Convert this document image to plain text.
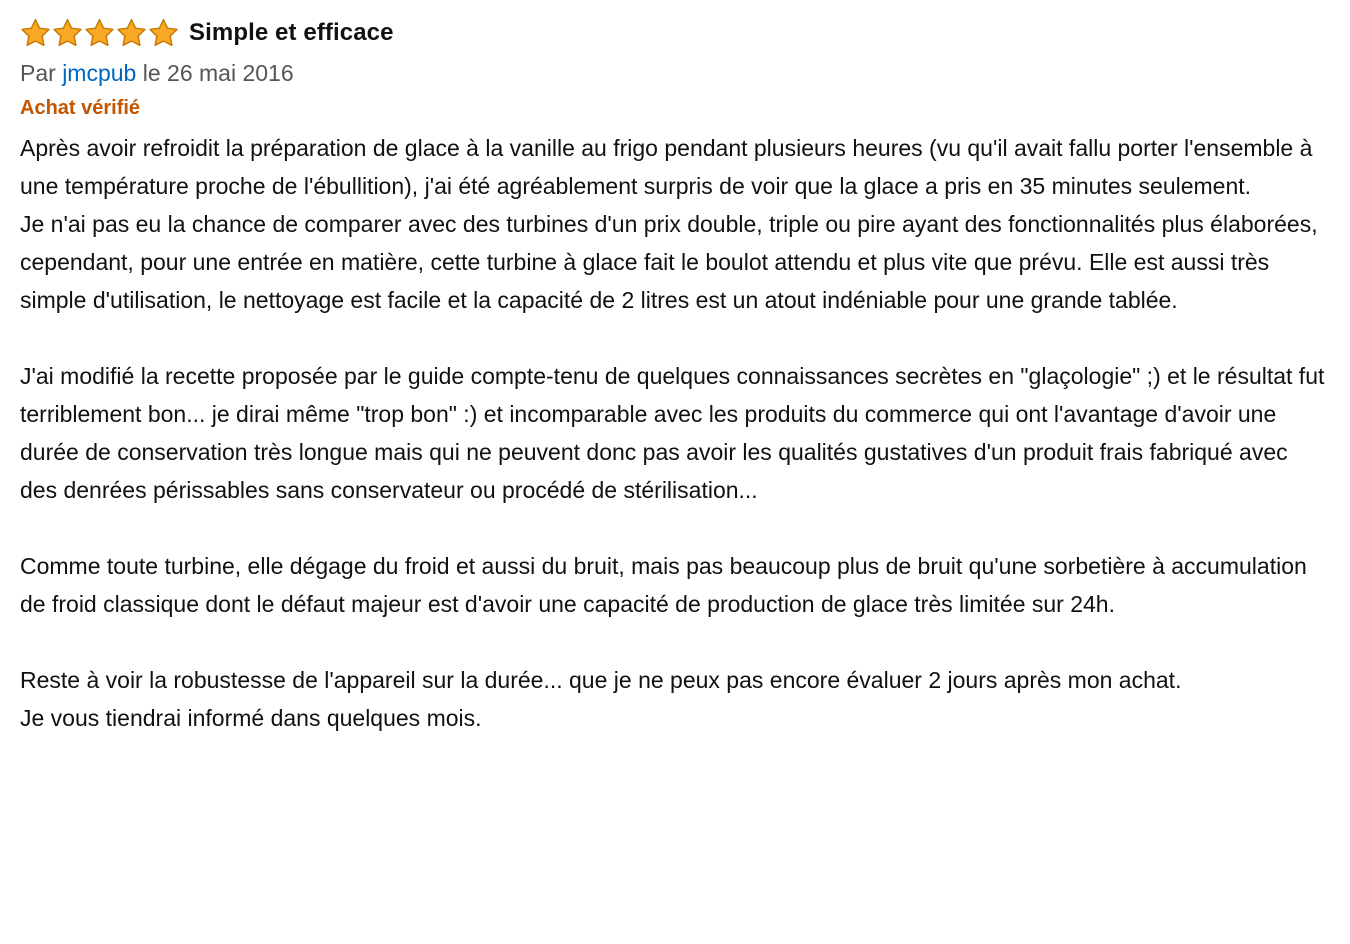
Simple et efficace
Par jmcpub le 26 mai 2016
Achat vérifié

Après avoir refroidit la préparation de glace à la vanille au frigo pendant plusieurs heures (vu qu'il avait fallu porter l'ensemble à une température proche de l'ébullition), j'ai été agréablement surpris de voir que la glace a pris en 35 minutes seulement.

Je n'ai pas eu la chance de comparer avec des turbines d'un prix double, triple ou pire ayant des fonctionnalités plus élaborées, cependant, pour une entrée en matière, cette turbine à glace fait le boulot attendu et plus vite que prévu. Elle est aussi très simple d'utilisation, le nettoyage est facile et la capacité de 2 litres est un atout indéniable pour une grande tablée.

J'ai modifié la recette proposée par le guide compte-tenu de quelques connaissances secrètes en "glaçologie" ;) et le résultat fut terriblement bon... je dirai même "trop bon" :) et incomparable avec les produits du commerce qui ont l'avantage d'avoir une durée de conservation très longue mais qui ne peuvent donc pas avoir les qualités gustatives d'un produit frais fabriqué avec des denrées périssables sans conservateur ou procédé de stérilisation...

Comme toute turbine, elle dégage du froid et aussi du bruit, mais pas beaucoup plus de bruit qu'une sorbetière à accumulation de froid classique dont le défaut majeur est d'avoir une capacité de production de glace très limitée sur 24h.

Reste à voir la robustesse de l'appareil sur la durée... que je ne peux pas encore évaluer 2 jours après mon achat.

Je vous tiendrai informé dans quelques mois.
